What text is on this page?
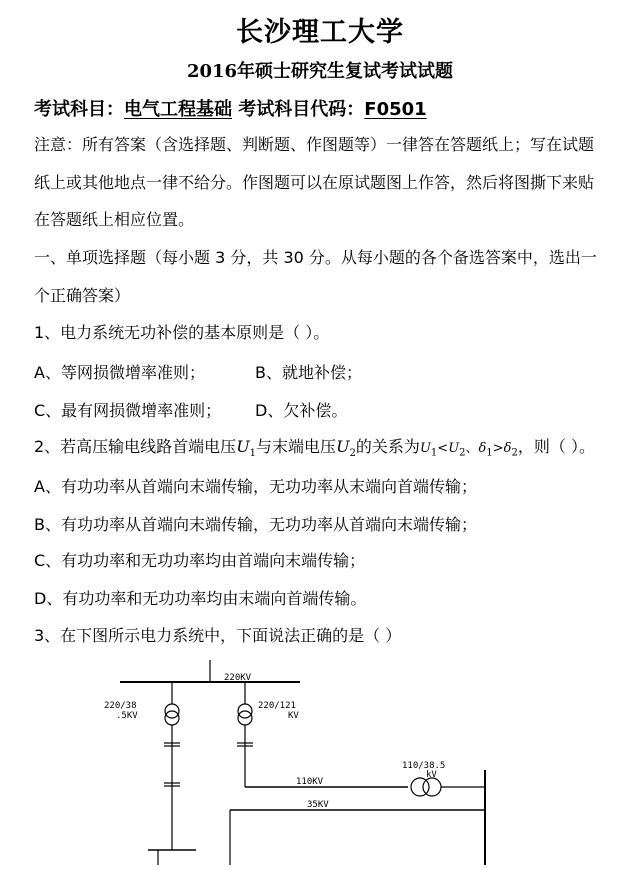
长沙理工大学
2016年硕士研究生复试考试试题
考试科目：电气工程基础 考试科目代码：F0501
注意：所有答案（含选择题、判断题、作图题等）一律答在答题纸上；写在试题
纸上或其他地点一律不给分。作图题可以在原试题图上作答，然后将图撕下来贴
在答题纸上相应位置。
一、单项选择题（每小题 3 分，共 30 分。从每小题的各个备选答案中，选出一
个正确答案）
1、电力系统无功补偿的基本原则是（ ）。
A、等网损微增率准则；	B、就地补偿；
C、最有网损微增率准则； D、欠补偿。
2、若高压输电线路首端电压$U_1$与末端电压$U_2$的关系为$U_1<U_2$、$\delta_1>\delta_2$，则（ ）。
A、有功功率从首端向末端传输，无功功率从末端向首端传输；
B、有功功率从首端向末端传输，无功功率从首端向末端传输；
C、有功功率和无功功率均由首端向末端传输；
D、有功功率和无功功率均由末端向首端传输。
3、在下图所示电力系统中，下面说法正确的是（ ）
220KV
220/38
.5KV
220/121
KV
110KV
110/38.5
kV
35KV
